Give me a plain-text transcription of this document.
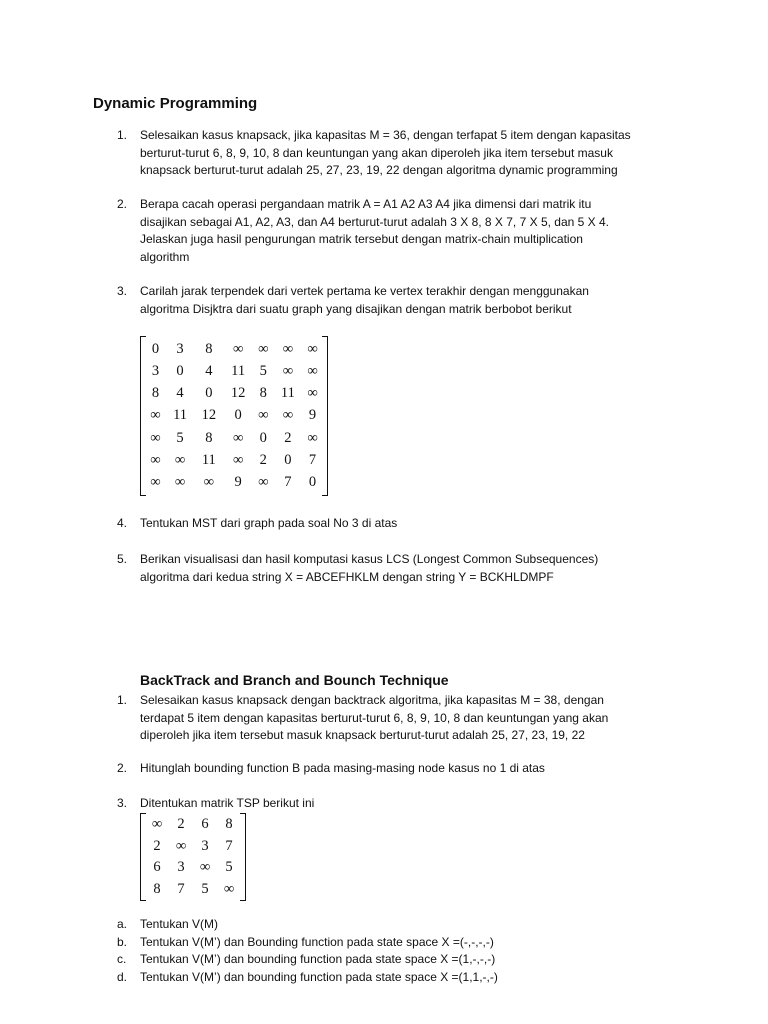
Dynamic Programming
1.	Selesaikan kasus knapsack, jika kapasitas M = 36, dengan terfapat 5 item dengan kapasitas
berturut-turut 6, 8, 9, 10, 8 dan keuntungan yang akan diperoleh jika item tersebut masuk
knapsack berturut-turut adalah 25, 27, 23, 19, 22 dengan algoritma dynamic programming
2.	Berapa cacah operasi pergandaan matrik A = A1 A2 A3 A4 jika dimensi dari matrik itu
disajikan sebagai A1, A2, A3, dan A4 berturut-turut adalah 3 X 8, 8 X 7, 7 X 5, dan 5 X 4.
Jelaskan juga hasil pengurungan matrik tersebut dengan matrix-chain multiplication
algorithm
3.	Carilah jarak terpendek dari vertek pertama ke vertex terakhir dengan menggunakan
algoritma Disjktra dari suatu graph yang disajikan dengan matrik berbobot berikut
0	3	8	∞	∞	∞	∞
3	0	4	11	5	∞	∞
8	4	0	12	8	11	∞
∞	11	12	0	∞	∞	9
∞	5	8	∞	0	2	∞
∞	∞	11	∞	2	0	7
∞	∞	∞	9	∞	7	0
4.	Tentukan MST dari graph pada soal No 3 di atas
5.	Berikan visualisasi dan hasil komputasi kasus LCS (Longest Common Subsequences)
algoritma dari kedua string X = ABCEFHKLM dengan string Y = BCKHLDMPF
BackTrack and Branch and Bounch Technique
1.	Selesaikan kasus knapsack dengan backtrack algoritma, jika kapasitas M = 38, dengan
terdapat 5 item dengan kapasitas berturut-turut 6, 8, 9, 10, 8 dan keuntungan yang akan
diperoleh jika item tersebut masuk knapsack berturut-turut adalah 25, 27, 23, 19, 22
2.	Hitunglah bounding function B pada masing-masing node kasus no 1 di atas
3.	Ditentukan matrik TSP berikut ini
∞	2	6	8
2	∞	3	7
6	3	∞	5
8	7	5	∞
a.	Tentukan V(M)
b.	Tentukan V(M’) dan Bounding function pada state space X =(-,-,-,-)
c.	Tentukan V(M’) dan bounding function pada state space X =(1,-,-,-)
d.	Tentukan V(M’) dan bounding function pada state space X =(1,1,-,-)
